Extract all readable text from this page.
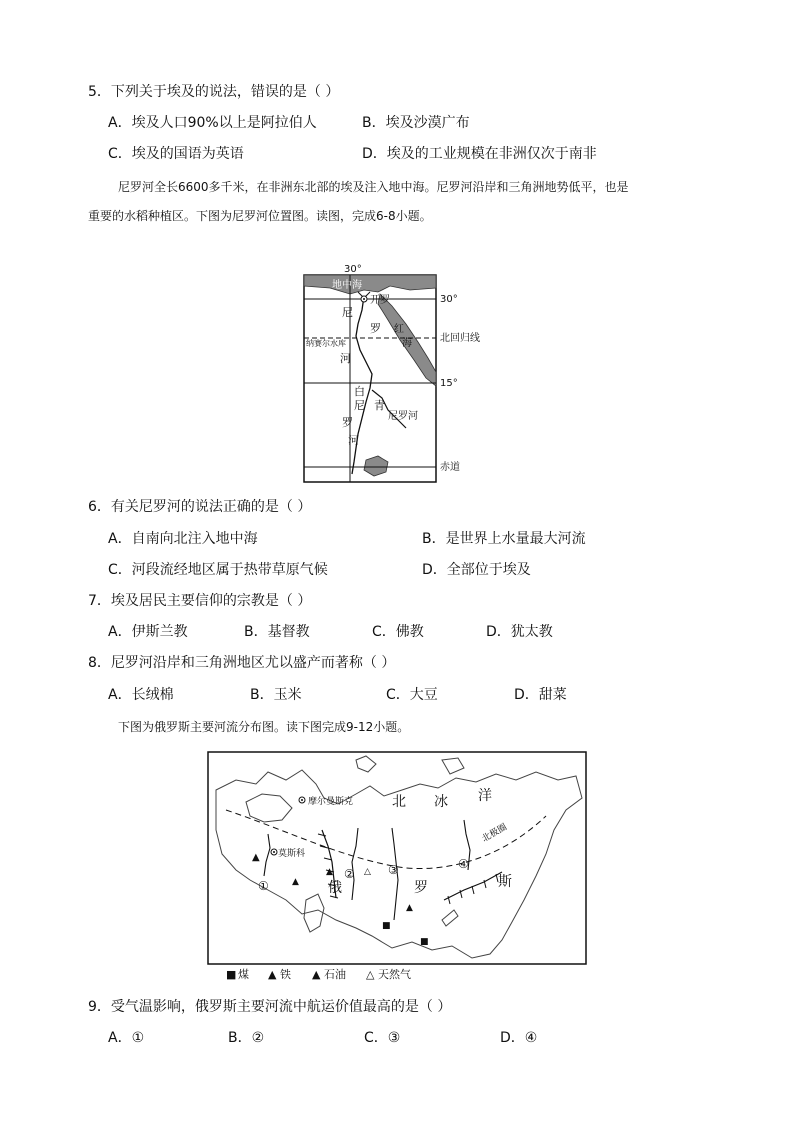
5．下列关于埃及的说法，错误的是（ ）
A．埃及人口90%以上是阿拉伯人	B．埃及沙漠广布
C．埃及的国语为英语	D．埃及的工业规模在非洲仅次于南非
尼罗河全长6600多千米，在非洲东北部的埃及注入地中海。尼罗河沿岸和三角洲地势低平，也是
重要的水稻种植区。下图为尼罗河位置图。读图，完成6-8小题。
30°
地中海
开罗	30°
尼
罗 红
海	北回归线
纳赛尔水库
河
15°
白
尼 青
尼罗河
罗
河
赤道
6．有关尼罗河的说法正确的是（ ）
A．自南向北注入地中海	B．是世界上水量最大河流
C．河段流经地区属于热带草原气候	D．全部位于埃及
7．埃及居民主要信仰的宗教是（ ）
A．伊斯兰教	B．基督教	C．佛教	D．犹太教
8．尼罗河沿岸和三角洲地区尤以盛产而著称（ ）
A．长绒棉	B．玉米	C．大豆	D．甜菜
下图为俄罗斯主要河流分布图。读下图完成9-12小题。
▲
▲
▲	△
▲
■
■
①
②	③	④
摩尔曼斯克
莫斯科
北 冰 洋
北极圈
俄	罗	斯
■ 煤 ▲ 铁 ▲ 石油 △ 天然气
9．受气温影响，俄罗斯主要河流中航运价值最高的是（ ）
A．①	B．②	C．③	D．④
